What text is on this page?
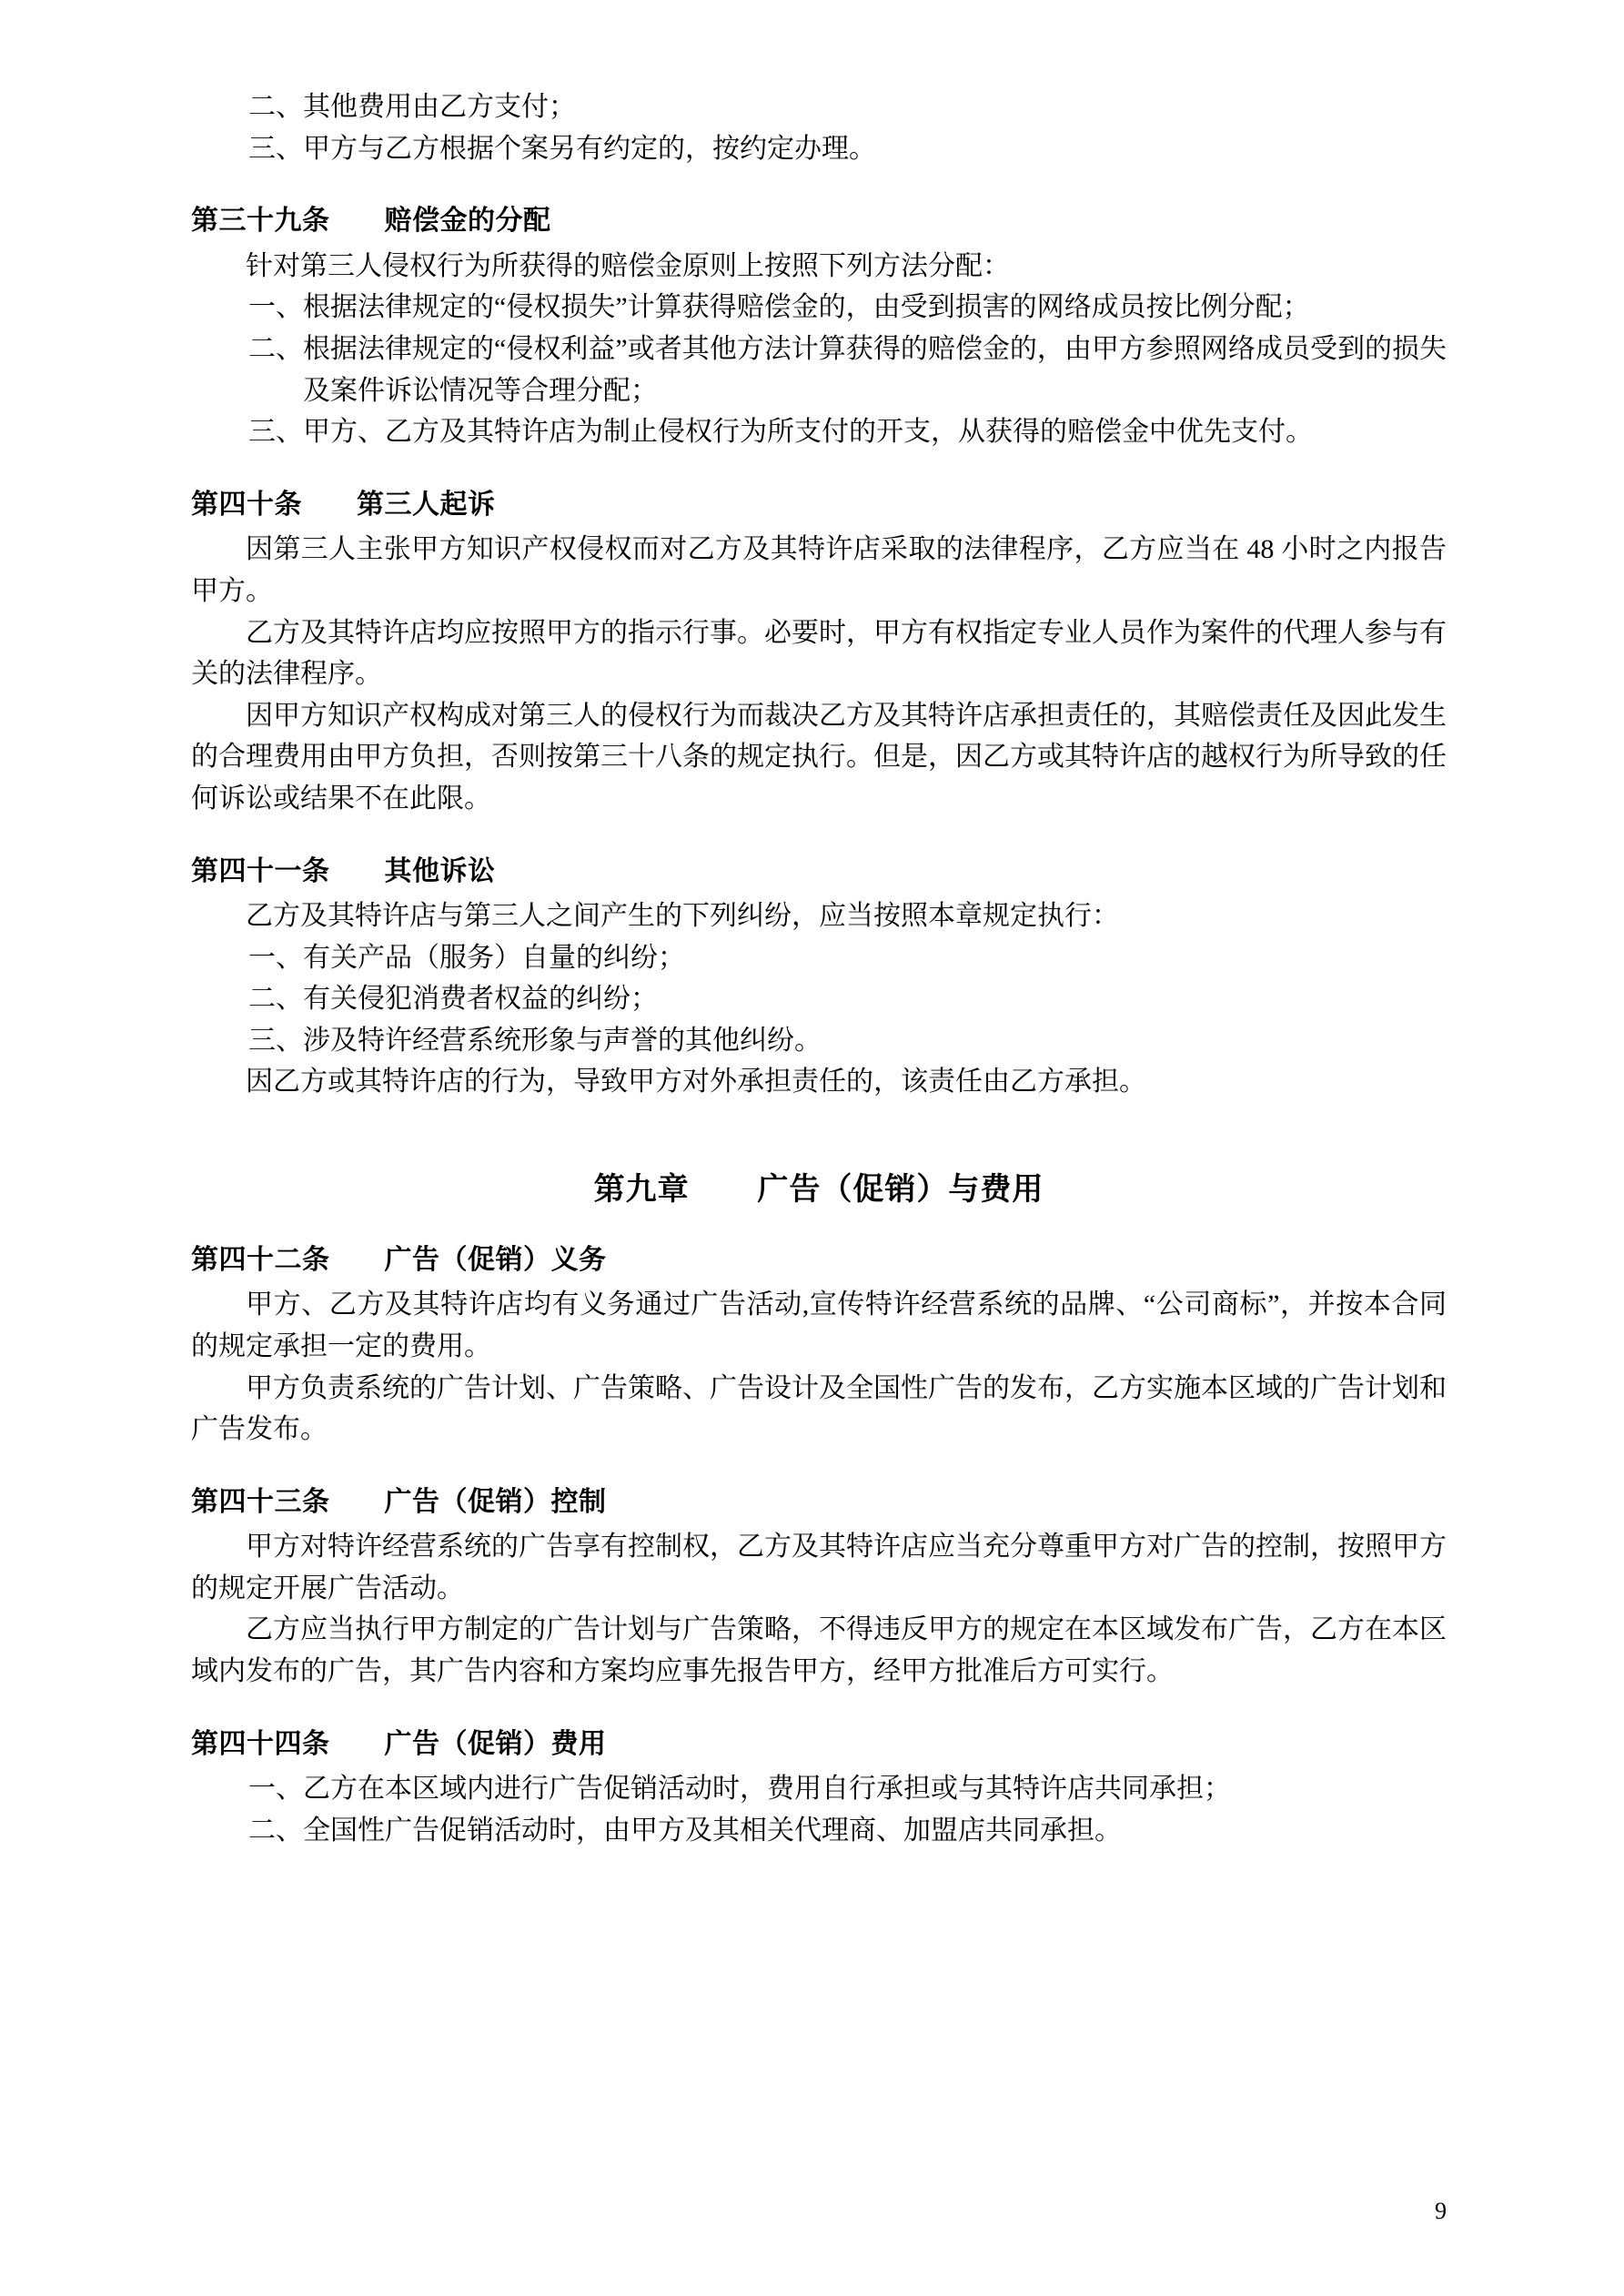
二、 其他费用由乙方支付；
三、 甲方与乙方根据个案另有约定的，按约定办理。

第三十九条 赔偿金的分配

针对第三人侵权行为所获得的赔偿金原则上按照下列方法分配：

一、 根据法律规定的“侵权损失”计算获得赔偿金的，由受到损害的网络成员按比例分配；
二、 根据法律规定的“侵权利益”或者其他方法计算获得的赔偿金的，由甲方参照网络成员受到的损失及案件诉讼情况等合理分配；
三、 甲方、乙方及其特许店为制止侵权行为所支付的开支，从获得的赔偿金中优先支付。

第四十条 第三人起诉

因第三人主张甲方知识产权侵权而对乙方及其特许店采取的法律程序，乙方应当在 48 小时之内报告甲方。

乙方及其特许店均应按照甲方的指示行事。必要时，甲方有权指定专业人员作为案件的代理人参与有关的法律程序。

因甲方知识产权构成对第三人的侵权行为而裁决乙方及其特许店承担责任的，其赔偿责任及因此发生的合理费用由甲方负担，否则按第三十八条的规定执行。但是，因乙方或其特许店的越权行为所导致的任何诉讼或结果不在此限。

第四十一条 其他诉讼

乙方及其特许店与第三人之间产生的下列纠纷，应当按照本章规定执行：

一、 有关产品（服务）自量的纠纷；
二、 有关侵犯消费者权益的纠纷；
三、 涉及特许经营系统形象与声誉的其他纠纷。

因乙方或其特许店的行为，导致甲方对外承担责任的，该责任由乙方承担。

第九章 广告（促销）与费用

第四十二条 广告（促销）义务

甲方、乙方及其特许店均有义务通过广告活动,宣传特许经营系统的品牌、“公司商标”，并按本合同的规定承担一定的费用。

甲方负责系统的广告计划、广告策略、广告设计及全国性广告的发布，乙方实施本区域的广告计划和广告发布。

第四十三条 广告（促销）控制

甲方对特许经营系统的广告享有控制权，乙方及其特许店应当充分尊重甲方对广告的控制，按照甲方的规定开展广告活动。

乙方应当执行甲方制定的广告计划与广告策略，不得违反甲方的规定在本区域发布广告，乙方在本区域内发布的广告，其广告内容和方案均应事先报告甲方，经甲方批准后方可实行。

第四十四条 广告（促销）费用

一、 乙方在本区域内进行广告促销活动时，费用自行承担或与其特许店共同承担；
二、 全国性广告促销活动时，由甲方及其相关代理商、加盟店共同承担。
9
